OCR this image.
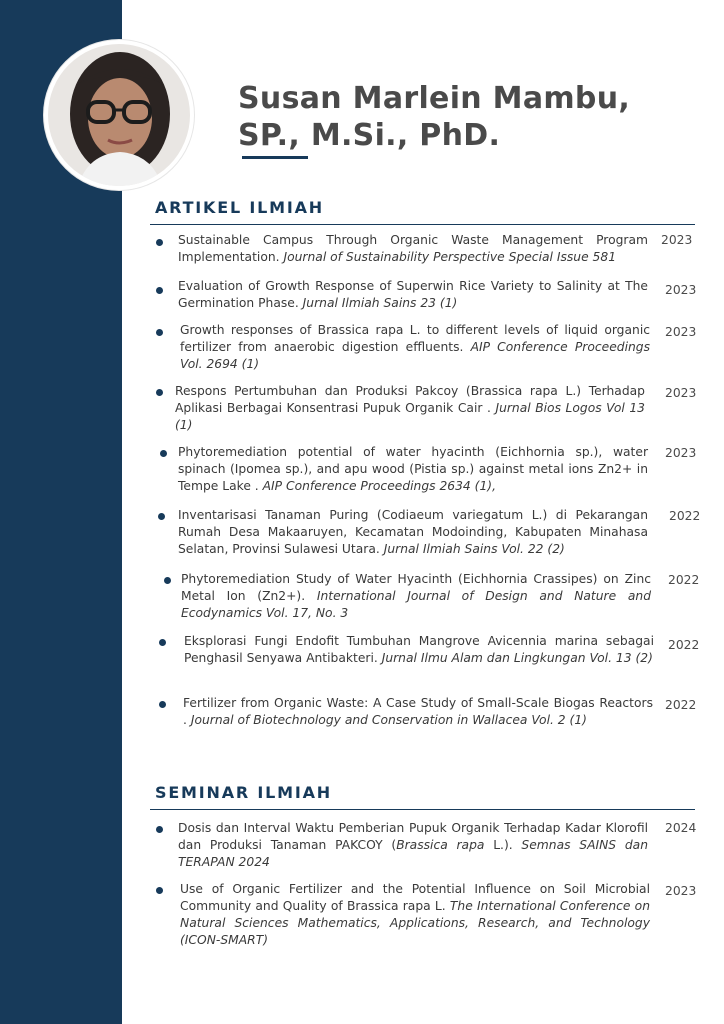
Susan Marlein Mambu,
SP., M.Si., PhD.
ARTIKEL ILMIAH
Sustainable Campus Through Organic Waste Management Program Implementation. Journal of Sustainability Perspective Special Issue 581
2023
Evaluation of Growth Response of Superwin Rice Variety to Salinity at The Germination Phase. Jurnal Ilmiah Sains 23 (1)
2023
Growth responses of Brassica rapa L. to different levels of liquid organic fertilizer from anaerobic digestion effluents. AIP Conference Proceedings Vol. 2694 (1)
2023
Respons Pertumbuhan dan Produksi Pakcoy (Brassica rapa L.) Terhadap Aplikasi Berbagai Konsentrasi Pupuk Organik Cair . Jurnal Bios Logos Vol 13 (1)
2023
Phytoremediation potential of water hyacinth (Eichhornia sp.), water spinach (Ipomea sp.), and apu wood (Pistia sp.) against metal ions Zn2+ in Tempe Lake . AIP Conference Proceedings 2634 (1),
2023
Inventarisasi Tanaman Puring (Codiaeum variegatum L.) di Pekarangan Rumah Desa Makaaruyen, Kecamatan Modoinding, Kabupaten Minahasa Selatan, Provinsi Sulawesi Utara. Jurnal Ilmiah Sains Vol. 22 (2)
2022
Phytoremediation Study of Water Hyacinth (Eichhornia Crassipes) on Zinc Metal Ion (Zn2+). International Journal of Design and Nature and Ecodynamics Vol. 17, No. 3
2022
Eksplorasi Fungi Endofit Tumbuhan Mangrove Avicennia marina sebagai Penghasil Senyawa Antibakteri. Jurnal Ilmu Alam dan Lingkungan Vol. 13 (2)
2022
Fertilizer from Organic Waste: A Case Study of Small-Scale Biogas Reactors . Journal of Biotechnology and Conservation in Wallacea Vol. 2 (1)
2022
SEMINAR ILMIAH
Dosis dan Interval Waktu Pemberian Pupuk Organik Terhadap Kadar Klorofil dan Produksi Tanaman PAKCOY (Brassica rapa L.). Semnas SAINS dan TERAPAN 2024
2024
Use of Organic Fertilizer and the Potential Influence on Soil Microbial Community and Quality of Brassica rapa L. The International Conference on Natural Sciences Mathematics, Applications, Research, and Technology (ICON-SMART)
2023
